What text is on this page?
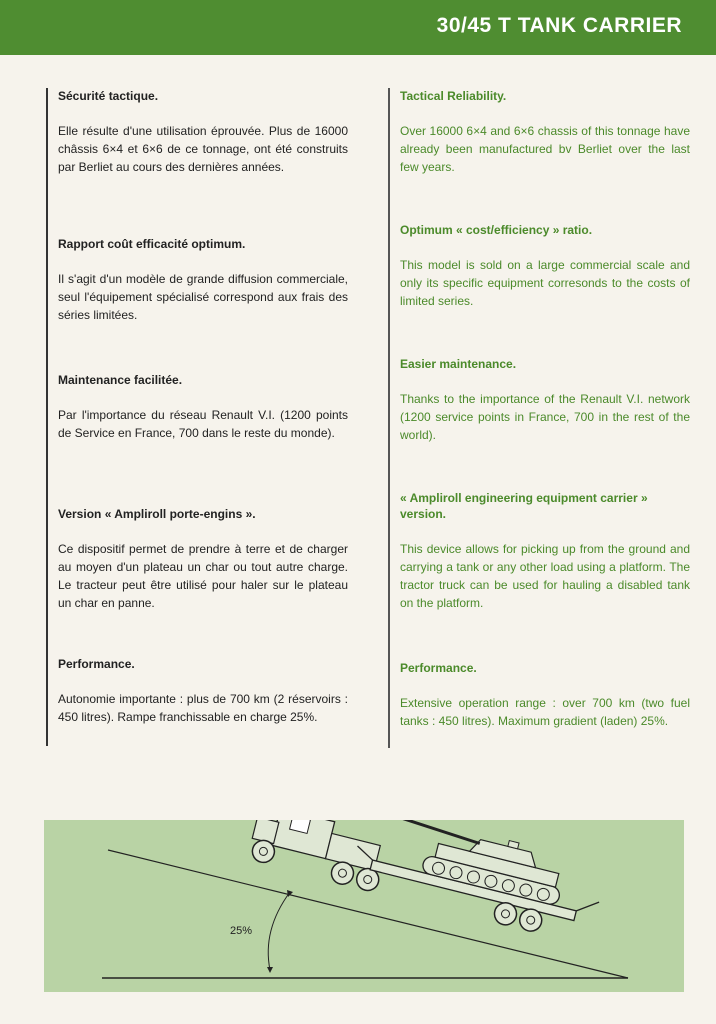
30/45 T TANK CARRIER
Sécurité tactique.

Elle résulte d'une utilisation éprouvée. Plus de 16000 châssis 6×4 et 6×6 de ce tonnage, ont été construits par Berliet au cours des dernières années.

Rapport coût efficacité optimum.

Il s'agit d'un modèle de grande diffusion commerciale, seul l'équipement spécialisé correspond aux frais des séries limitées.

Maintenance facilitée.

Par l'importance du réseau Renault V.I. (1200 points de Service en France, 700 dans le reste du monde).

Version « Ampliroll porte-engins ».

Ce dispositif permet de prendre à terre et de charger au moyen d'un plateau un char ou tout autre charge. Le tracteur peut être utilisé pour haler sur le plateau un char en panne.

Performance.

Autonomie importante : plus de 700 km (2 réservoirs : 450 litres). Rampe franchissable en charge 25%.

Tactical Reliability.

Over 16000 6×4 and 6×6 chassis of this tonnage have already been manufactured bv Berliet over the last few years.

Optimum « cost/efficiency » ratio.

This model is sold on a large commercial scale and only its specific equipment corresonds to the costs of limited series.

Easier maintenance.

Thanks to the importance of the Renault V.I. network (1200 service points in France, 700 in the rest of the world).

« Ampliroll engineering equipment carrier » version.

This device allows for picking up from the ground and carrying a tank or any other load using a platform. The tractor truck can be used for hauling a disabled tank on the platform.

Performance.

Extensive operation range : over 700 km (two fuel tanks : 450 litres). Maximum gradient (laden) 25%.

25%
